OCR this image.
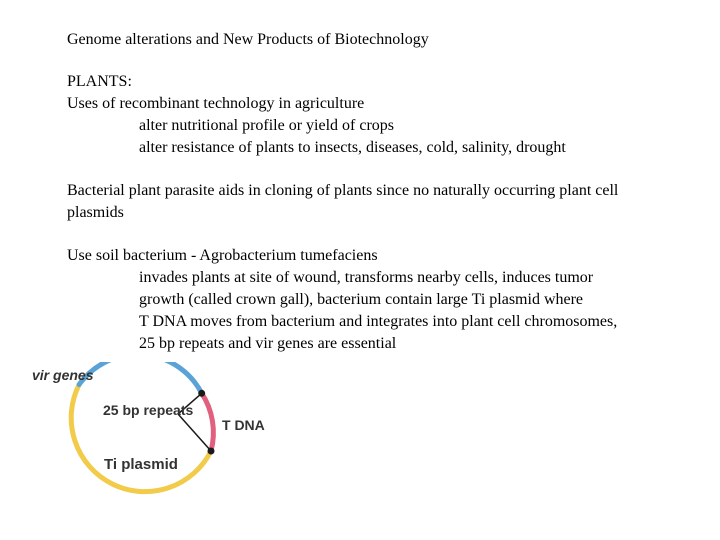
Genome alterations and New Products of Biotechnology

PLANTS:

Uses of recombinant technology in agriculture

alter nutritional profile or yield of crops

alter resistance of plants to insects, diseases, cold, salinity, drought

Bacterial plant parasite aids in cloning of plants since no naturally occurring plant cell

plasmids

Use soil bacterium - Agrobacterium tumefaciens

invades plants at site of wound, transforms nearby cells, induces tumor

growth (called crown gall), bacterium contain large Ti plasmid where

T DNA moves from bacterium and integrates into plant cell chromosomes,

25 bp repeats and vir genes are essential

vir genes
25 bp repeats
T DNA
Ti plasmid
